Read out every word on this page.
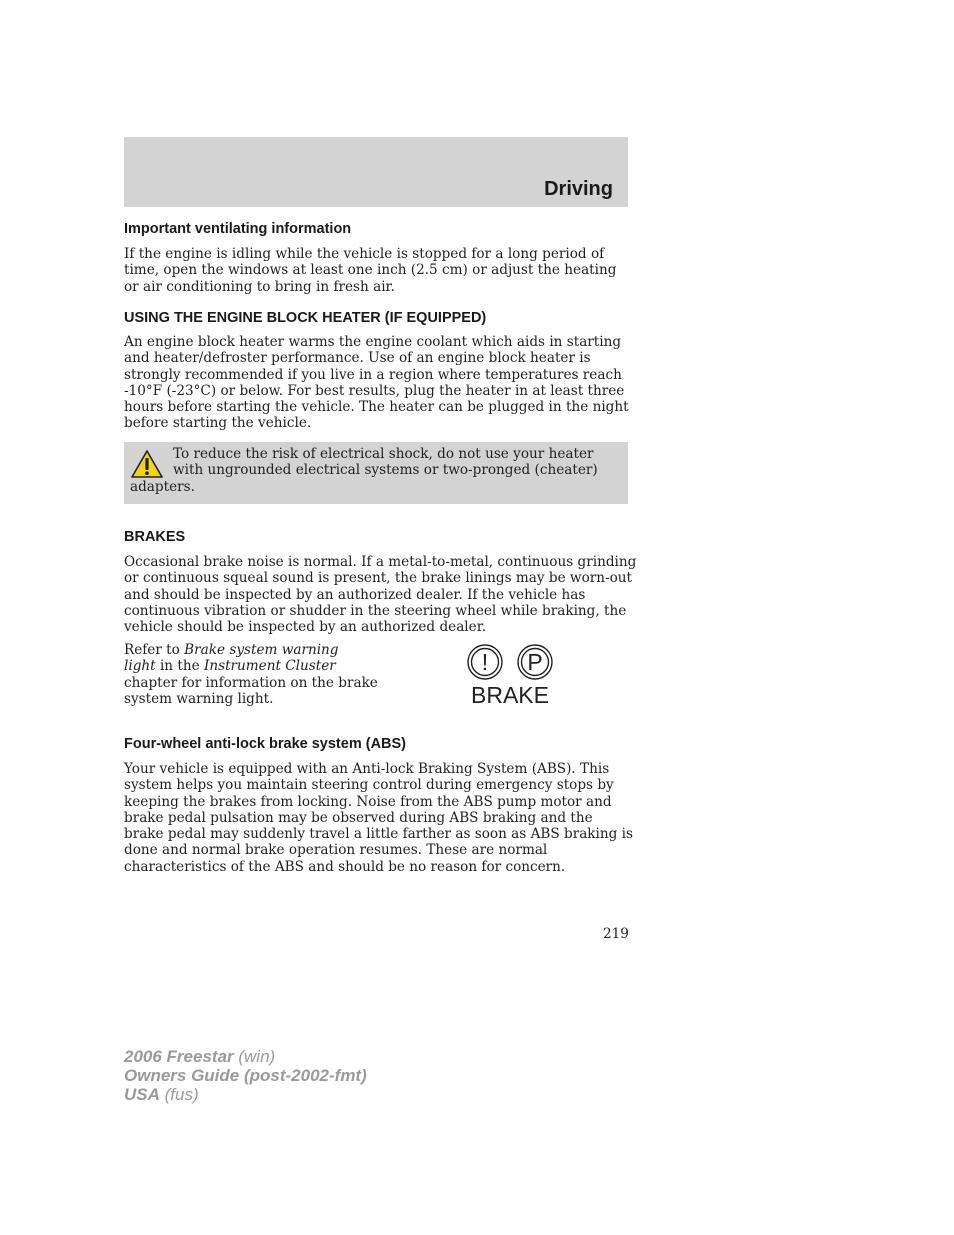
Driving
Important ventilating information

If the engine is idling while the vehicle is stopped for a long period of
time, open the windows at least one inch (2.5 cm) or adjust the heating
or air conditioning to bring in fresh air.

USING THE ENGINE BLOCK HEATER (IF EQUIPPED)

An engine block heater warms the engine coolant which aids in starting
and heater/defroster performance. Use of an engine block heater is
strongly recommended if you live in a region where temperatures reach
-10°F (-23°C) or below. For best results, plug the heater in at least three
hours before starting the vehicle. The heater can be plugged in the night
before starting the vehicle.

To reduce the risk of electrical shock, do not use your heater
with ungrounded electrical systems or two-pronged (cheater)
adapters.
BRAKES

Occasional brake noise is normal. If a metal-to-metal, continuous grinding
or continuous squeal sound is present, the brake linings may be worn-out
and should be inspected by an authorized dealer. If the vehicle has
continuous vibration or shudder in the steering wheel while braking, the
vehicle should be inspected by an authorized dealer.

Refer to Brake system warning
light in the Instrument Cluster
chapter for information on the brake
system warning light.

! P
BRAKE
Four-wheel anti-lock brake system (ABS)

Your vehicle is equipped with an Anti-lock Braking System (ABS). This
system helps you maintain steering control during emergency stops by
keeping the brakes from locking. Noise from the ABS pump motor and
brake pedal pulsation may be observed during ABS braking and the
brake pedal may suddenly travel a little farther as soon as ABS braking is
done and normal brake operation resumes. These are normal
characteristics of the ABS and should be no reason for concern.

219
2006 Freestar (win)
Owners Guide (post-2002-fmt)
USA (fus)
